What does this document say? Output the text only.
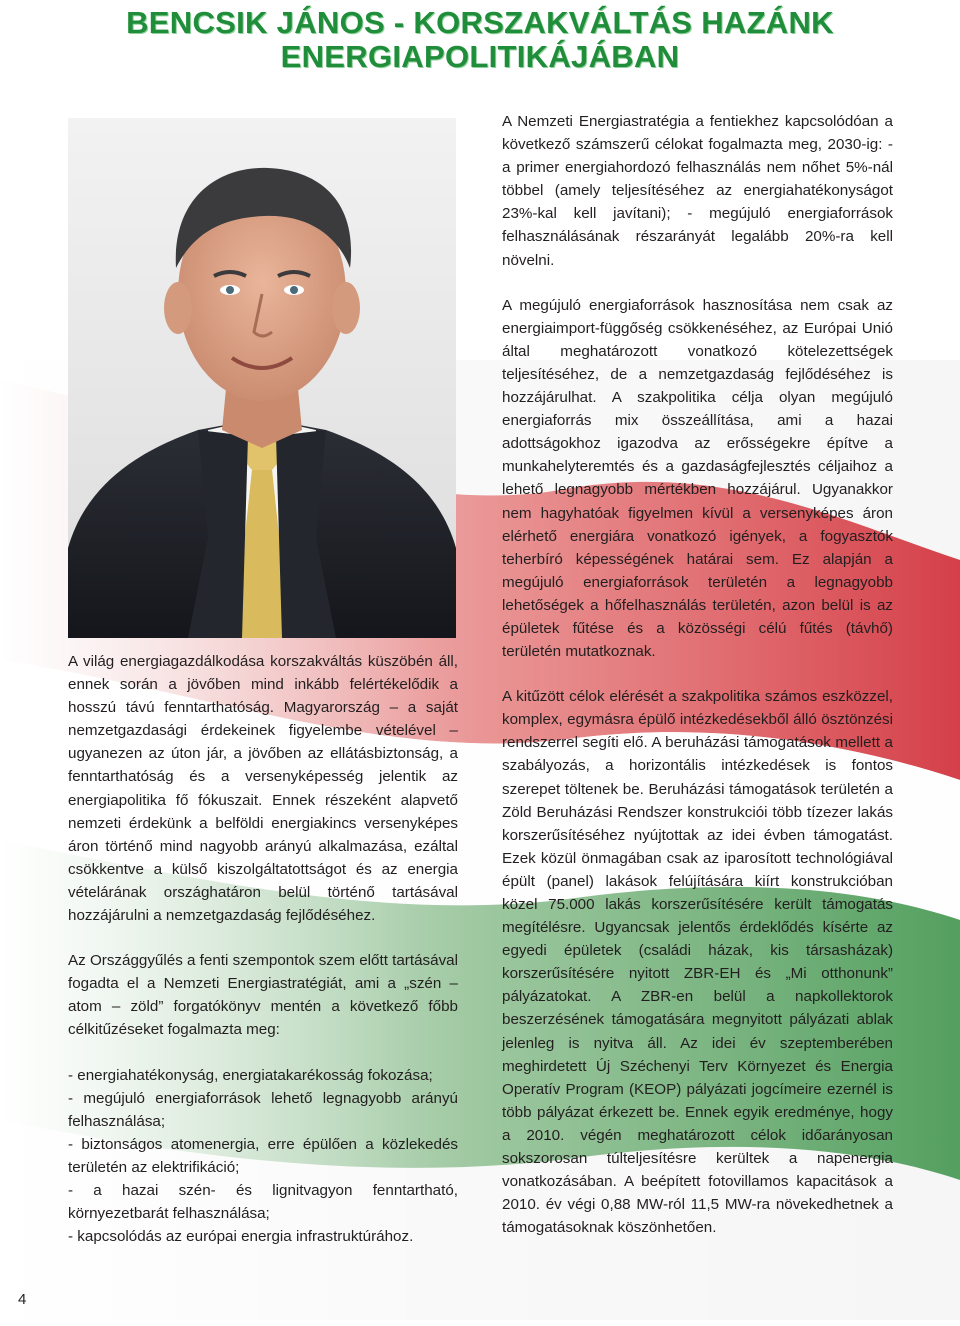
BENCSIK JÁNOS - KORSZAKVÁLTÁS HAZÁNK
ENERGIAPOLITIKÁJÁBAN

A világ energiagazdálkodása korszakváltás küszöbén áll, ennek során a jövőben mind inkább felértékelődik a hosszú távú fenntarthatóság. Magyarország – a saját nemzetgazdasági érdekeinek figyelembe vételével – ugyanezen az úton jár, a jövőben az ellátásbiztonság, a fenntarthatóság és a versenyképesség jelentik az energiapolitika fő fókuszait. Ennek részeként alapvető nemzeti érdekünk a belföldi energiakincs versenyképes áron történő mind nagyobb arányú alkalmazása, ezáltal csökkentve a külső kiszolgáltatottságot és az energia vételárának országhatáron belül történő tartásával hozzájárulni a nemzetgazdaság fejlődéséhez.

Az Országgyűlés a fenti szempontok szem előtt tartásával fogadta el a Nemzeti Energiastratégiát, ami a „szén – atom – zöld” forgatókönyv mentén a következő főbb célkitűzéseket fogalmazta meg:

- energiahatékonyság, energiatakarékosság fokozása;
- megújuló energiaforrások lehető legnagyobb arányú felhasználása;
- biztonságos atomenergia, erre épülően a közlekedés területén az elektrifikáció;
- a hazai szén- és lignitvagyon fenntartható, környezetbarát felhasználása;
- kapcsolódás az európai energia infrastruktúrához.

A Nemzeti Energiastratégia a fentiekhez kapcsolódóan a következő számszerű célokat fogalmazta meg, 2030-ig: - a primer energiahordozó felhasználás nem nőhet 5%-nál többel (amely teljesítéséhez az energiahatékonyságot 23%-kal kell javítani); - megújuló energiaforrások felhasználásának részarányát legalább 20%-ra kell növelni.

A megújuló energiaforrások hasznosítása nem csak az energiaimport-függőség csökkenéséhez, az Európai Unió által meghatározott vonatkozó kötelezettségek teljesítéséhez, de a nemzetgazdaság fejlődéséhez is hozzájárulhat. A szakpolitika célja olyan megújuló energiaforrás mix összeállítása, ami a hazai adottságokhoz igazodva az erősségekre építve a munkahelyteremtés és a gazdaságfejlesztés céljaihoz a lehető legnagyobb mértékben hozzájárul. Ugyanakkor nem hagyhatóak figyelmen kívül a versenyképes áron elérhető energiára vonatkozó igények, a fogyasztók teherbíró képességének határai sem. Ez alapján a megújuló energiaforrások területén a legnagyobb lehetőségek a hőfelhasználás területén, azon belül is az épületek fűtése és a közösségi célú fűtés (távhő) területén mutatkoznak.

A kitűzött célok elérését a szakpolitika számos eszközzel, komplex, egymásra épülő intézkedésekből álló ösztönzési rendszerrel segíti elő. A beruházási támogatások mellett a szabályozás, a horizontális intézkedések is fontos szerepet töltenek be. Beruházási támogatások területén a Zöld Beruházási Rendszer konstrukciói több tízezer lakás korszerűsítéséhez nyújtottak az idei évben támogatást. Ezek közül önmagában csak az iparosított technológiával épült (panel) lakások felújítására kiírt konstrukcióban közel 75.000 lakás korszerűsítésére került támogatás megítélésre. Ugyancsak jelentős érdeklődés kísérte az egyedi épületek (családi házak, kis társasházak) korszerűsítésére nyitott ZBR-EH és „Mi otthonunk” pályázatokat. A ZBR-en belül a napkollektorok beszerzésének támogatására megnyitott pályázati ablak jelenleg is nyitva áll. Az idei év szeptemberében meghirdetett Új Széchenyi Terv Környezet és Energia Operatív Program (KEOP) pályázati jogcímeire ezernél is több pályázat érkezett be. Ennek egyik eredménye, hogy a 2010. végén meghatározott célok időarányosan sokszorosan túlteljesítésre kerültek a napenergia vonatkozásában. A beépített fotovillamos kapacitások a 2010. év végi 0,88 MW-ról 11,5 MW-ra növekedhetnek a támogatásoknak köszönhetően.

4
